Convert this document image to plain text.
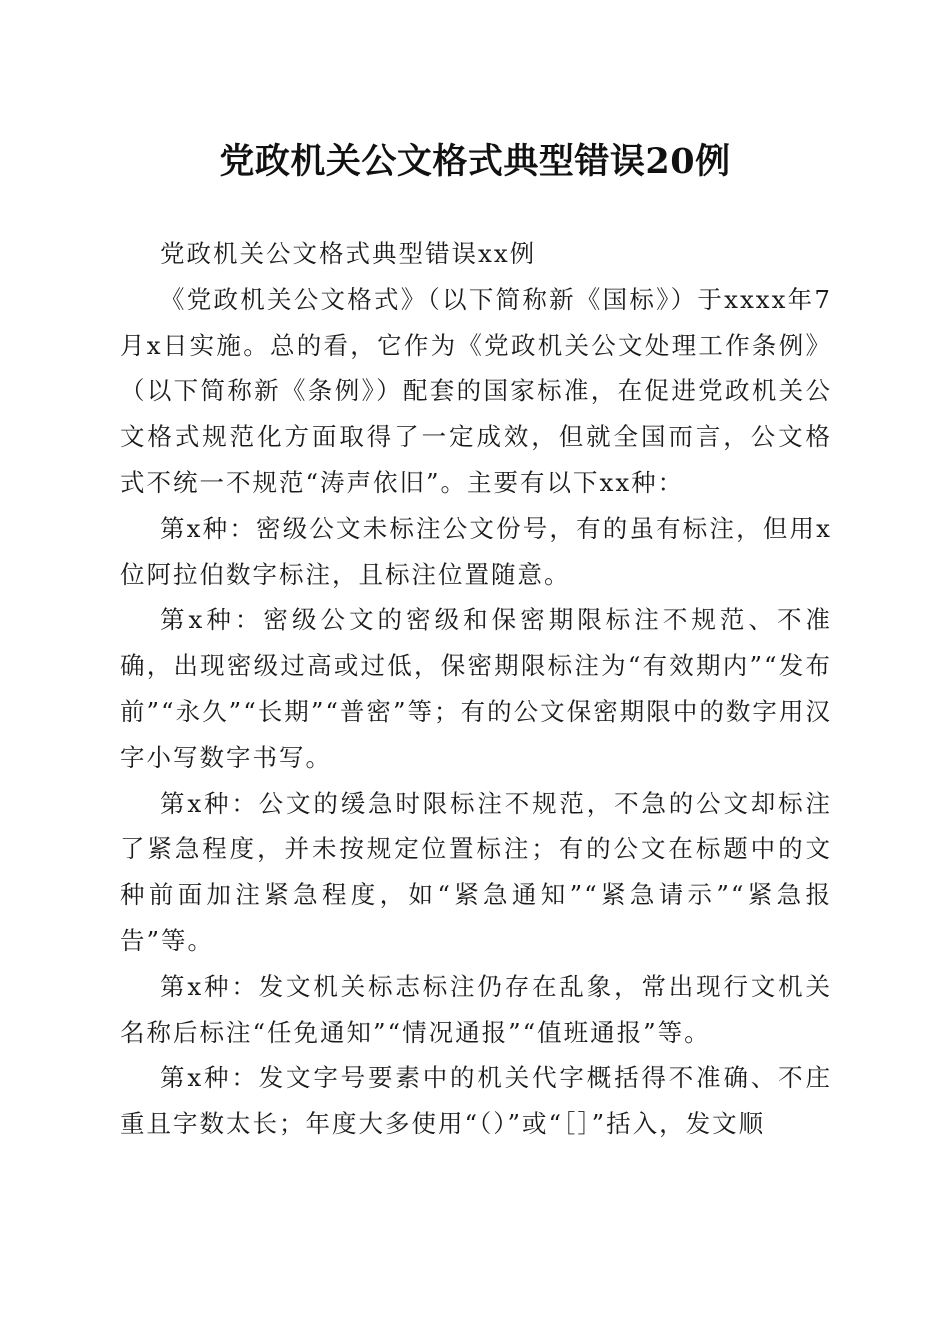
党政机关公文格式典型错误20例

党政机关公文格式典型错误xx例

《党政机关公文格式》（以下简称新《国标》）于xxxx年7月x日实施。总的看，它作为《党政机关公文处理工作条例》（以下简称新《条例》）配套的国家标准，在促进党政机关公文格式规范化方面取得了一定成效，但就全国而言，公文格式不统一不规范“涛声依旧”。主要有以下xx种：

第x种：密级公文未标注公文份号，有的虽有标注，但用x位阿拉伯数字标注，且标注位置随意。

第x种：密级公文的密级和保密期限标注不规范、不准确，出现密级过高或过低，保密期限标注为“有效期内”“发布前”“永久”“长期”“普密”等；有的公文保密期限中的数字用汉字小写数字书写。

第x种：公文的缓急时限标注不规范，不急的公文却标注了紧急程度，并未按规定位置标注；有的公文在标题中的文种前面加注紧急程度，如“紧急通知”“紧急请示”“紧急报告”等。

第x种：发文机关标志标注仍存在乱象，常出现行文机关名称后标注“任免通知”“情况通报”“值班通报”等。

第x种：发文字号要素中的机关代字概括得不准确、不庄重且字数太长；年度大多使用“（）”或“［］”括入，发文顺
